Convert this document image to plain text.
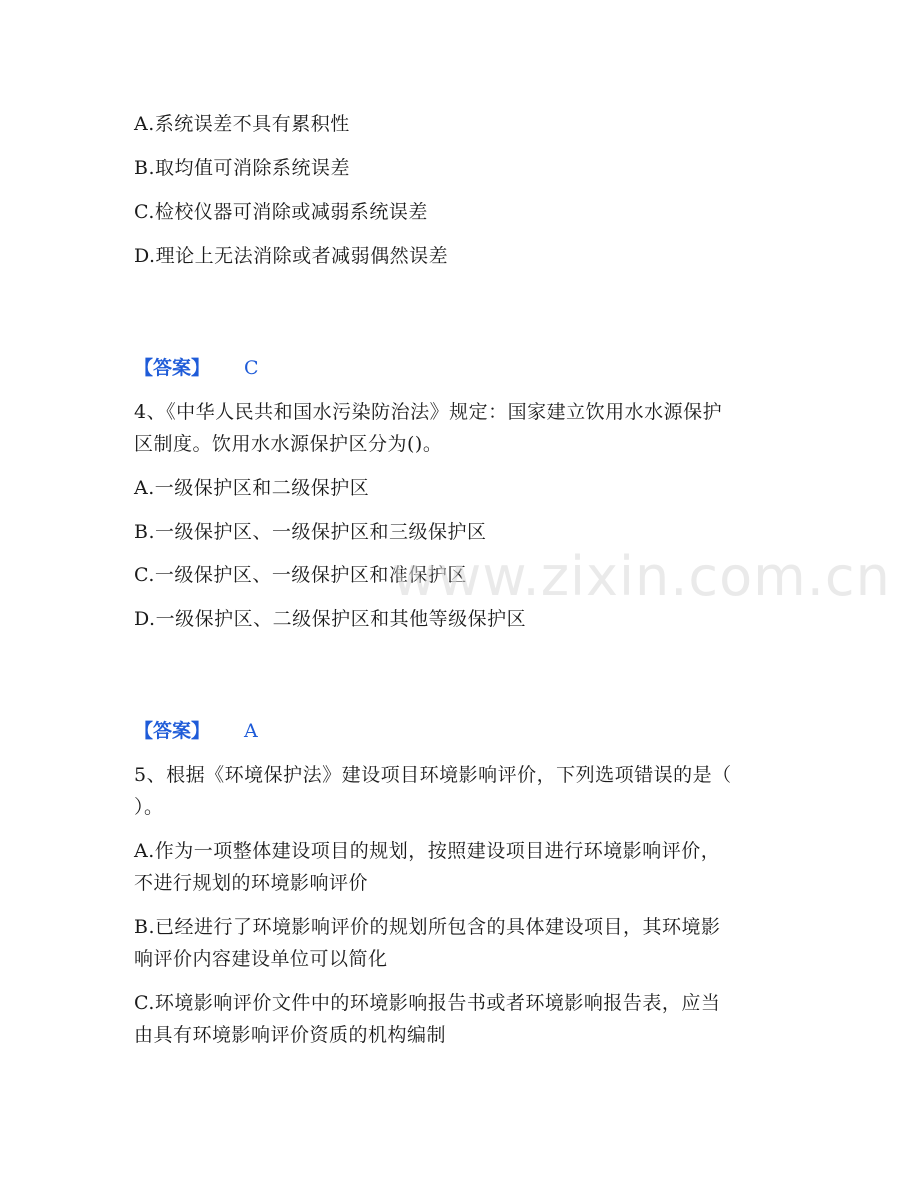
A.系统误差不具有累积性
B.取均值可消除系统误差
C.检校仪器可消除或减弱系统误差
D.理论上无法消除或者减弱偶然误差
【答案】 C
4、《中华人民共和国水污染防治法》规定：国家建立饮用水水源保护
区制度。饮用水水源保护区分为()。
A.一级保护区和二级保护区
B.一级保护区、一级保护区和三级保护区
C.一级保护区、一级保护区和准保护区
D.一级保护区、二级保护区和其他等级保护区
【答案】 A
5、根据《环境保护法》建设项目环境影响评价，下列选项错误的是（
）。
A.作为一项整体建设项目的规划，按照建设项目进行环境影响评价，
不进行规划的环境影响评价
B.已经进行了环境影响评价的规划所包含的具体建设项目，其环境影
响评价内容建设单位可以简化
C.环境影响评价文件中的环境影响报告书或者环境影响报告表，应当
由具有环境影响评价资质的机构编制
www.zixin.com.cn
